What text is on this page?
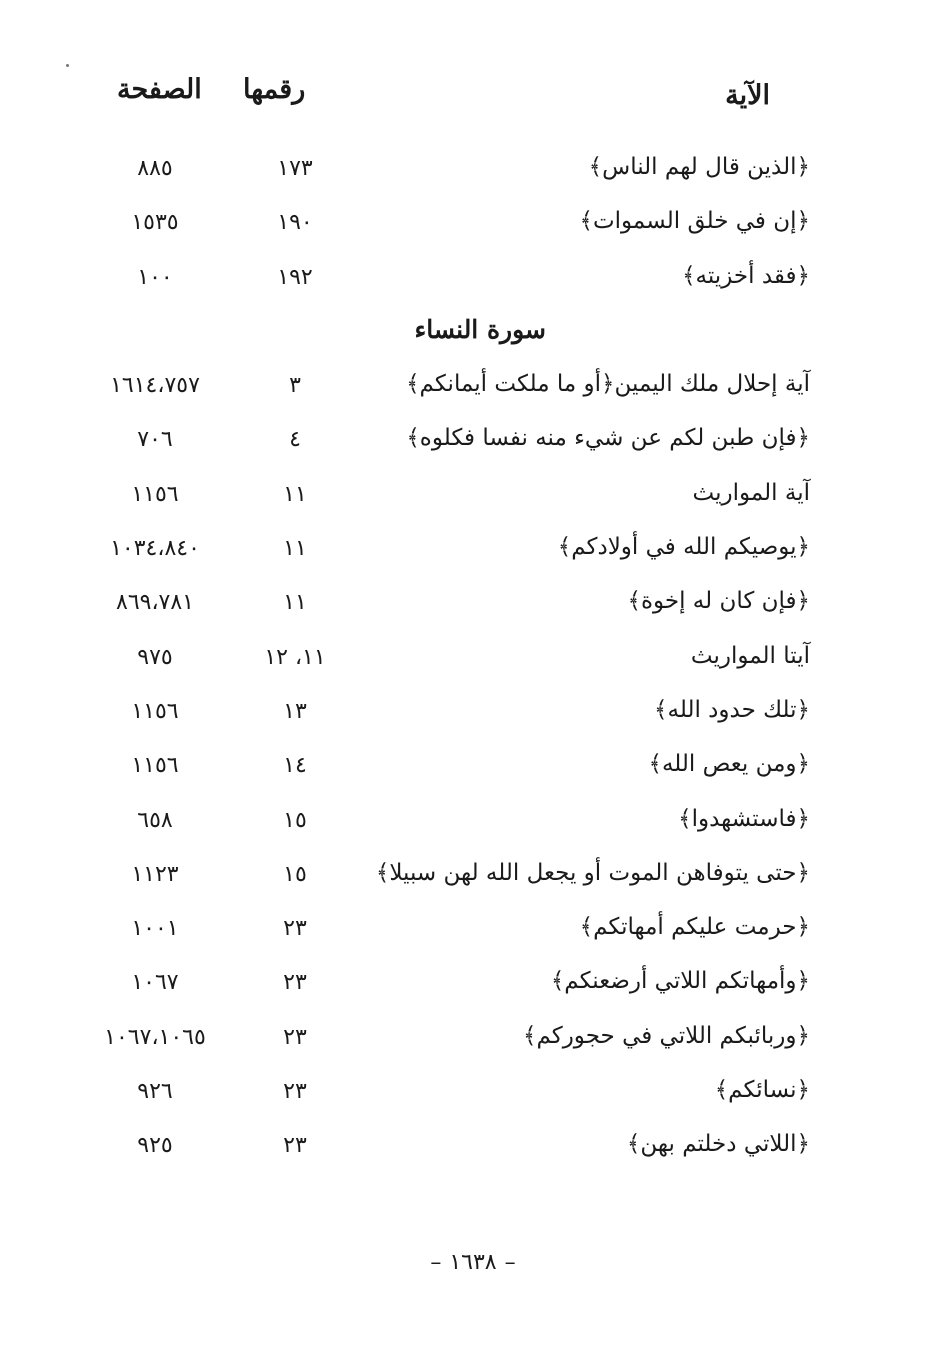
الآية
رقمها
الصفحة
﴿الذين قال لهم الناس﴾
١٧٣
٨٨٥
﴿إن في خلق السموات﴾
١٩٠
١٥٣٥
﴿فقد أخزيته﴾
١٩٢
١٠٠
سورة النساء
آية إحلال ملك اليمين﴿أو ما ملكت أيمانكم﴾
٣
١٦١٤،٧٥٧
﴿فإن طبن لكم عن شيء منه نفسا فكلوه﴾
٤
٧٠٦
آية المواريث
١١
١١٥٦
﴿يوصيكم الله في أولادكم﴾
١١
١٠٣٤،٨٤٠
﴿فإن كان له إخوة﴾
١١
٨٦٩،٧٨١
آيتا المواريث
١١، ١٢
٩٧٥
﴿تلك حدود الله﴾
١٣
١١٥٦
﴿ومن يعص الله﴾
١٤
١١٥٦
﴿فاستشهدوا﴾
١٥
٦٥٨
﴿حتى يتوفاهن الموت أو يجعل الله لهن سبيلا﴾
١٥
١١٢٣
﴿حرمت عليكم أمهاتكم﴾
٢٣
١٠٠١
﴿وأمهاتكم اللاتي أرضعنكم﴾
٢٣
١٠٦٧
﴿وربائبكم اللاتي في حجوركم﴾
٢٣
١٠٦٧،١٠٦٥
﴿نسائكم﴾
٢٣
٩٢٦
﴿اللاتي دخلتم بهن﴾
٢٣
٩٢٥
–١٦٣٨–
